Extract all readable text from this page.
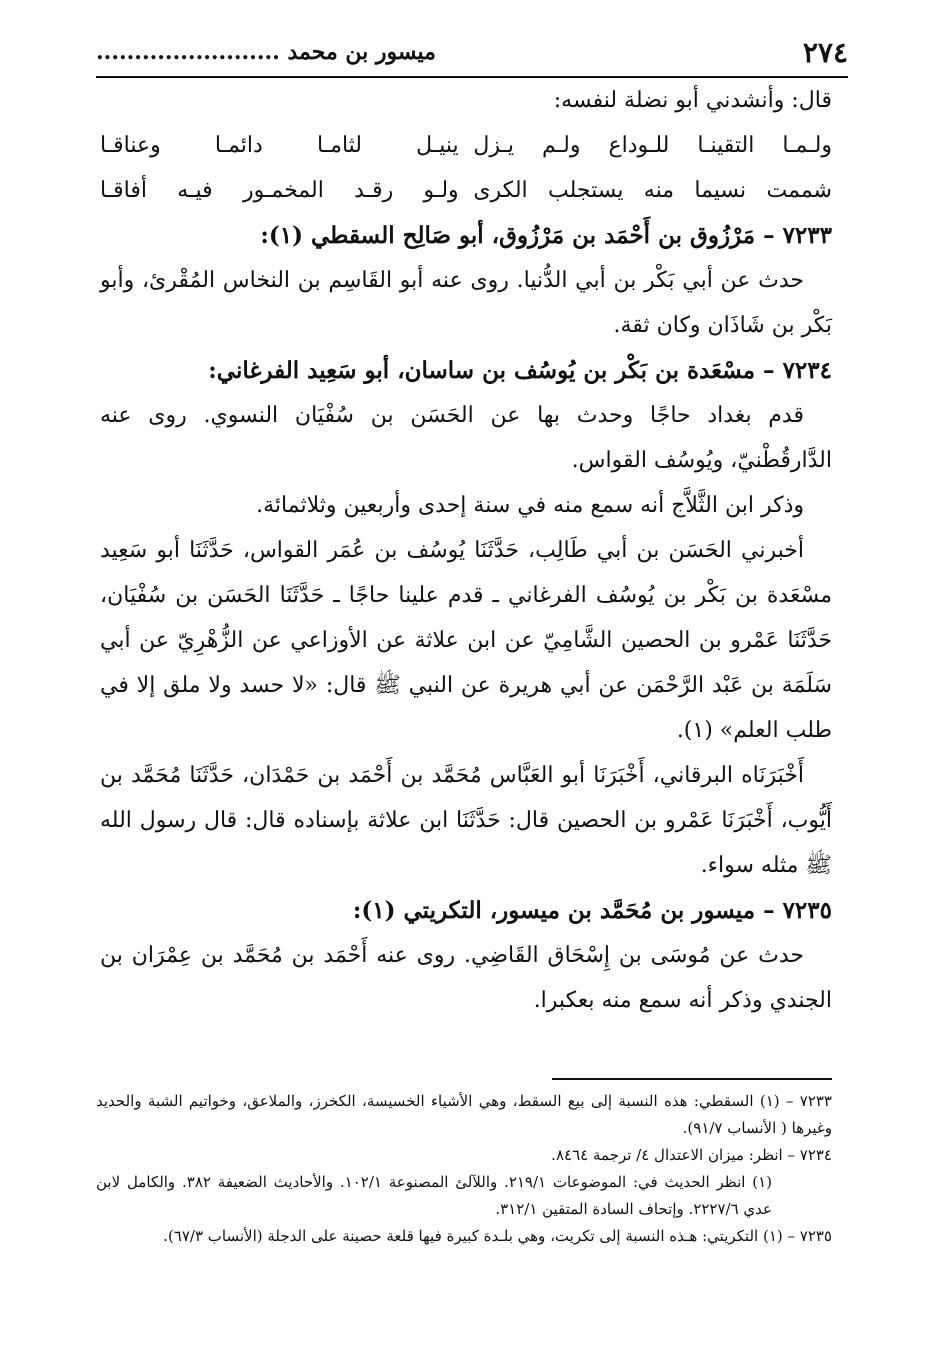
٢٧٤
ميسور بن محمد ........................

قال: وأنشدني أبو نضلة لنفسه:

ولـمـا التقينـا للـوداع ولـم يـزل
ينيـل لثامـا دائمـا وعناقـا
شممت نسيما منه يستجلب الكرى
ولـو رقـد المخمـور فيـه أفاقـا

٧٢٣٣ – مَرْزُوق بن أَحْمَد بن مَرْزُوق، أبو صَالِح السقطي (١):

حدث عن أبي بَكْر بن أبي الدُّنيا. روى عنه أبو القَاسِم بن النخاس المُقْرئ، وأبو بَكْر بن شَاذَان وكان ثقة.

٧٢٣٤ – مسْعَدة بن بَكْر بن يُوسُف بن ساسان، أبو سَعِيد الفرغاني:

قدم بغداد حاجًا وحدث بها عن الحَسَن بن سُفْيَان النسوي. روى عنه الدَّارقُطْنيّ، ويُوسُف القواس.

وذكر ابن الثَّلاَّج أنه سمع منه في سنة إحدى وأربعين وثلاثمائة.

أخبرني الحَسَن بن أبي طَالِب، حَدَّثَنَا يُوسُف بن عُمَر القواس، حَدَّثَنَا أبو سَعِيد مسْعَدة بن بَكْر بن يُوسُف الفرغاني ـ قدم علينا حاجًا ـ حَدَّثَنَا الحَسَن بن سُفْيَان، حَدَّثَنَا عَمْرو بن الحصين الشَّامِيّ عن ابن علاثة عن الأوزاعي عن الزُّهْرِيّ عن أبي سَلَمَة بن عَبْد الرَّحْمَن عن أبي هريرة عن النبي ﷺ قال: «لا حسد ولا ملق إلا في طلب العلم» (١).

أَخْبَرَنَاه البرقاني، أَخْبَرَنَا أبو العَبَّاس مُحَمَّد بن أَحْمَد بن حَمْدَان، حَدَّثَنَا مُحَمَّد بن أَيُّوب، أَخْبَرَنَا عَمْرو بن الحصين قال: حَدَّثَنَا ابن علاثة بإسناده قال: قال رسول الله ﷺ مثله سواء.

٧٢٣٥ – ميسور بن مُحَمَّد بن ميسور، التكريتي (١):

حدث عن مُوسَى بن إِسْحَاق القَاضِي. روى عنه أَحْمَد بن مُحَمَّد بن عِمْرَان بن الجندي وذكر أنه سمع منه بعكبرا.

٧٢٣٣ – (١) السقطي: هذه النسبة إلى بيع السقط، وهي الأشياء الخسيسة، الكخرز، والملاعق، وخواتيم الشبة والحديد وغيرها ( الأنساب ٩١/٧).

٧٢٣٤ – انظر: ميزان الاعتدال ٤/ ترجمة ٨٤٦٤.

(١) انظر الحديث في: الموضوعات ٢١٩/١. واللآلئ المصنوعة ١٠٢/١. والأحاديث الضعيفة ٣٨٢. والكامل لابن عدي ٢٢٢٧/٦. وإتحاف السادة المتقين ٣١٢/١.

٧٢٣٥ – (١) التكريتي: هـذه النسبة إلى تكريت، وهي بلـدة كبيرة فيها قلعة حصينة على الدجلة (الأنساب ٦٧/٣).
